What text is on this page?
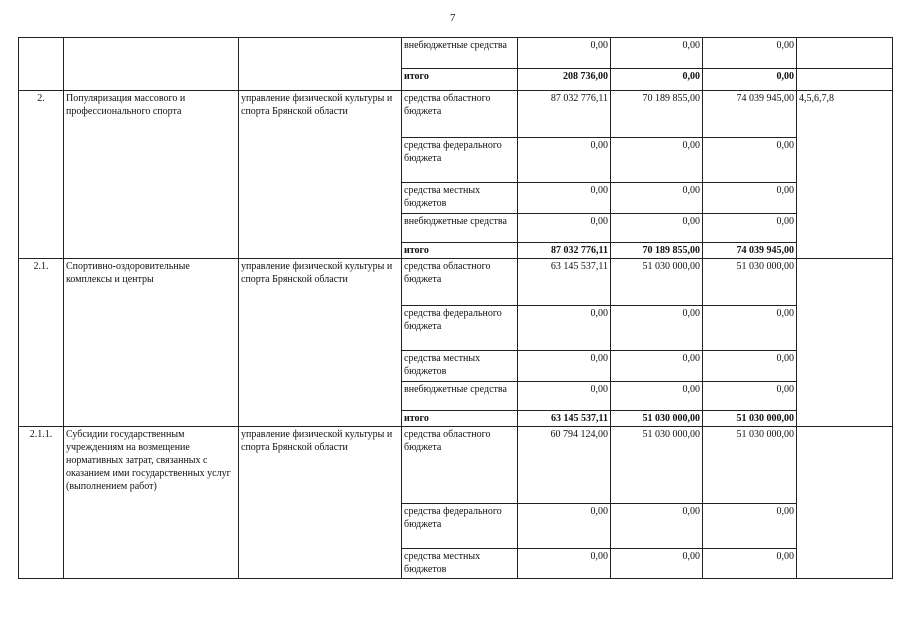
7
			внебюджетные средства	0,00	0,00	0,00	
			итого	208 736,00	0,00	0,00	
2.	Популяризация массового и профессионального спорта	управление физической культуры и спорта Брянской области	средства областного бюджета	87 032 776,11	70 189 855,00	74 039 945,00	4,5,6,7,8
			средства федерального бюджета	0,00	0,00	0,00	
			средства местных бюджетов	0,00	0,00	0,00	
			внебюджетные средства	0,00	0,00	0,00	
			итого	87 032 776,11	70 189 855,00	74 039 945,00	
2.1.	Спортивно-оздоровительные комплексы и центры	управление физической культуры и спорта Брянской области	средства областного бюджета	63 145 537,11	51 030 000,00	51 030 000,00	
			средства федерального бюджета	0,00	0,00	0,00	
			средства местных бюджетов	0,00	0,00	0,00	
			внебюджетные средства	0,00	0,00	0,00	
			итого	63 145 537,11	51 030 000,00	51 030 000,00	
2.1.1.	Субсидии государственным учреждениям на возмещение нормативных затрат, связанных с оказанием ими государственных услуг (выполнением работ)	управление физической культуры и спорта Брянской области	средства областного бюджета	60 794 124,00	51 030 000,00	51 030 000,00	
			средства федерального бюджета	0,00	0,00	0,00	
			средства местных бюджетов	0,00	0,00	0,00	
